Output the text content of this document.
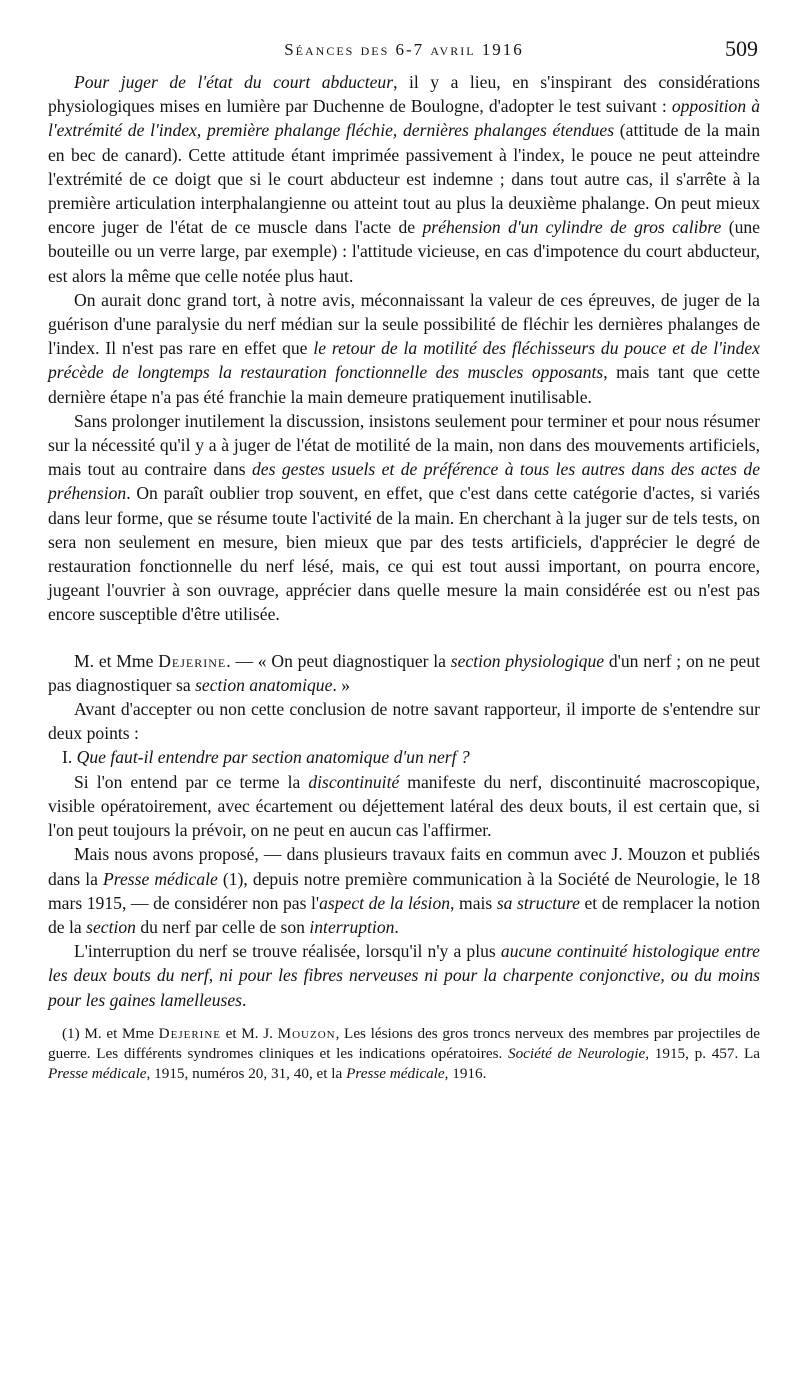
Séances des 6-7 avril 1916	509

Pour juger de l'état du court abducteur, il y a lieu, en s'inspirant des considérations physiologiques mises en lumière par Duchenne de Boulogne, d'adopter le test suivant : opposition à l'extrémité de l'index, première phalange fléchie, dernières phalanges étendues (attitude de la main en bec de canard). Cette attitude étant imprimée passivement à l'index, le pouce ne peut atteindre l'extrémité de ce doigt que si le court abducteur est indemne ; dans tout autre cas, il s'arrête à la première articulation interphalangienne ou atteint tout au plus la deuxième phalange. On peut mieux encore juger de l'état de ce muscle dans l'acte de préhension d'un cylindre de gros calibre (une bouteille ou un verre large, par exemple) : l'attitude vicieuse, en cas d'impotence du court abducteur, est alors la même que celle notée plus haut.

On aurait donc grand tort, à notre avis, méconnaissant la valeur de ces épreuves, de juger de la guérison d'une paralysie du nerf médian sur la seule possibilité de fléchir les dernières phalanges de l'index. Il n'est pas rare en effet que le retour de la motilité des fléchisseurs du pouce et de l'index précède de longtemps la restauration fonctionnelle des muscles opposants, mais tant que cette dernière étape n'a pas été franchie la main demeure pratiquement inutilisable.

Sans prolonger inutilement la discussion, insistons seulement pour terminer et pour nous résumer sur la nécessité qu'il y a à juger de l'état de motilité de la main, non dans des mouvements artificiels, mais tout au contraire dans des gestes usuels et de préférence à tous les autres dans des actes de préhension. On paraît oublier trop souvent, en effet, que c'est dans cette catégorie d'actes, si variés dans leur forme, que se résume toute l'activité de la main. En cherchant à la juger sur de tels tests, on sera non seulement en mesure, bien mieux que par des tests artificiels, d'apprécier le degré de restauration fonctionnelle du nerf lésé, mais, ce qui est tout aussi important, on pourra encore, jugeant l'ouvrier à son ouvrage, apprécier dans quelle mesure la main considérée est ou n'est pas encore susceptible d'être utilisée.

M. et Mme Dejerine. — « On peut diagnostiquer la section physiologique d'un nerf ; on ne peut pas diagnostiquer sa section anatomique. »

Avant d'accepter ou non cette conclusion de notre savant rapporteur, il importe de s'entendre sur deux points :

I. Que faut-il entendre par section anatomique d'un nerf ?

Si l'on entend par ce terme la discontinuité manifeste du nerf, discontinuité macroscopique, visible opératoirement, avec écartement ou déjettement latéral des deux bouts, il est certain que, si l'on peut toujours la prévoir, on ne peut en aucun cas l'affirmer.

Mais nous avons proposé, — dans plusieurs travaux faits en commun avec J. Mouzon et publiés dans la Presse médicale (1), depuis notre première communication à la Société de Neurologie, le 18 mars 1915, — de considérer non pas l'aspect de la lésion, mais sa structure et de remplacer la notion de la section du nerf par celle de son interruption.

L'interruption du nerf se trouve réalisée, lorsqu'il n'y a plus aucune continuité histologique entre les deux bouts du nerf, ni pour les fibres nerveuses ni pour la charpente conjonctive, ou du moins pour les gaines lamelleuses.

(1) M. et Mme Dejerine et M. J. Mouzon, Les lésions des gros troncs nerveux des membres par projectiles de guerre. Les différents syndromes cliniques et les indications opératoires. Société de Neurologie, 1915, p. 457. La Presse médicale, 1915, numéros 20, 31, 40, et la Presse médicale, 1916.
